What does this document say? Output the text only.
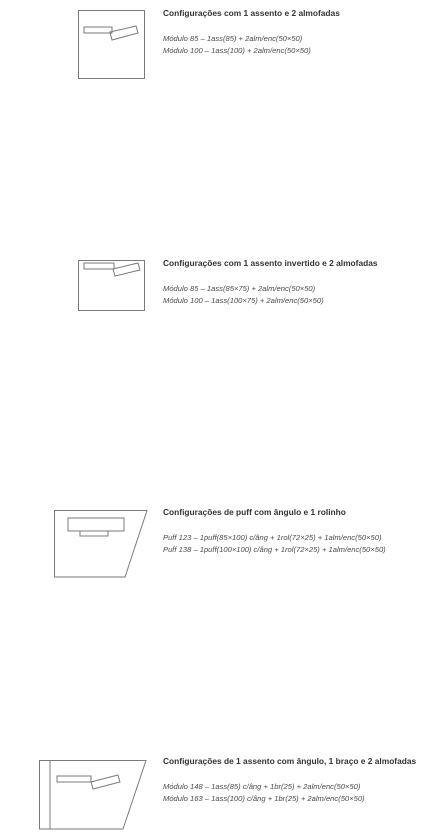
Configurações com 1 assento e 2 almofadas
Módulo 85 – 1ass(85) + 2alm/enc(50×50)
Módulo 100 – 1ass(100) + 2alm/enc(50×50)
Configurações com 1 assento invertido e 2 almofadas
Módulo 85 – 1ass(85×75) + 2alm/enc(50×50)
Módulo 100 – 1ass(100×75) + 2alm/enc(50×50)
Configurações de puff com ângulo e 1 rolinho
Puff 123 – 1puff(85×100) c/âng + 1rol(72×25) + 1alm/enc(50×50)
Puff 138 – 1puff(100×100) c/âng + 1rol(72×25) + 1alm/enc(50×50)
Configurações de 1 assento com ângulo, 1 braço e 2 almofadas
Módulo 148 – 1ass(85) c/âng + 1br(25) + 2alm/enc(50×50)
Módulo 163 – 1ass(100) c/âng + 1br(25) + 2alm/enc(50×50)
